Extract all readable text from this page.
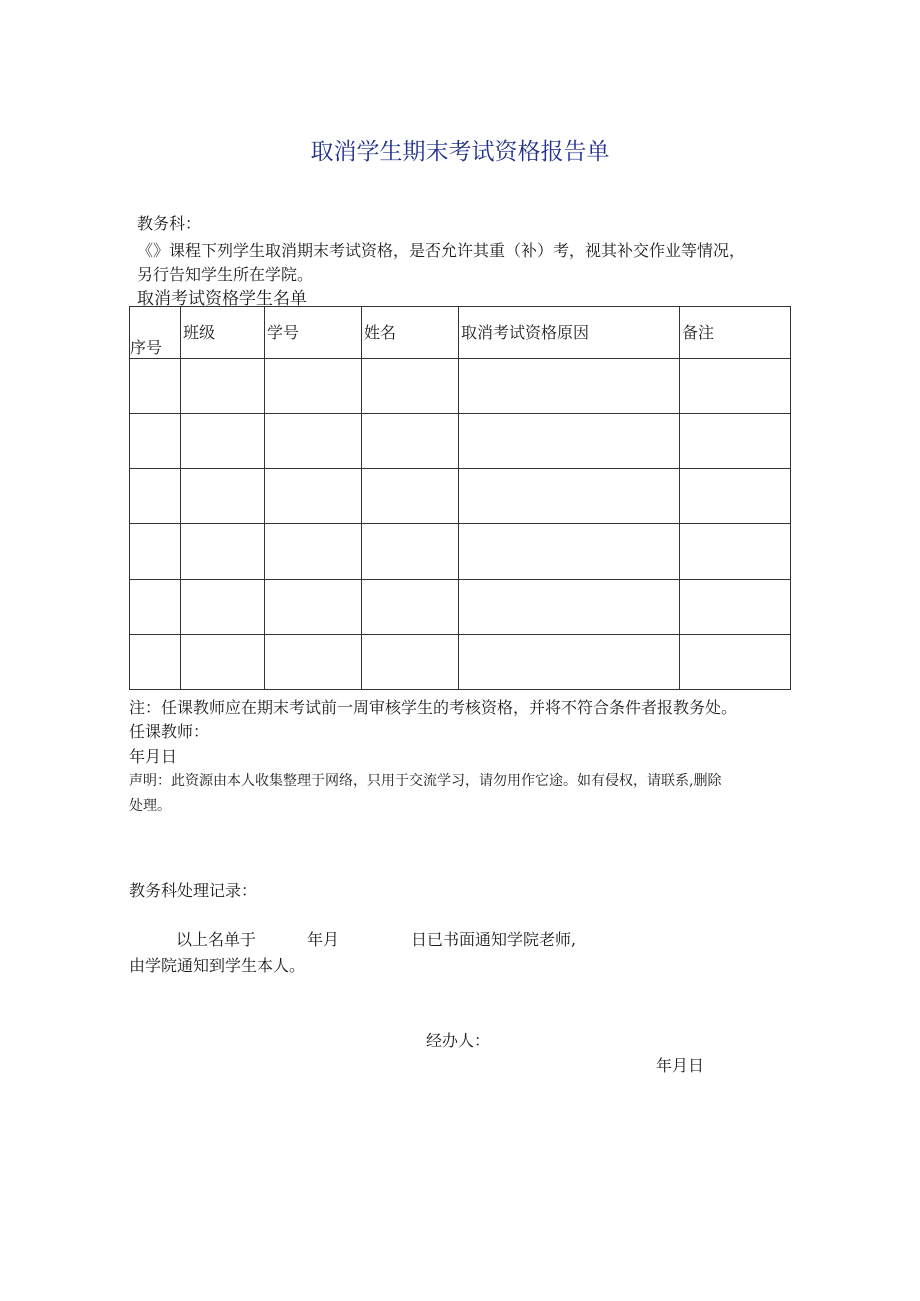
取消学生期末考试资格报告单
教务科：
《》课程下列学生取消期末考试资格，是否允许其重（补）考，视其补交作业等情况，
另行告知学生所在学院。
取消考试资格学生名单
序号	班级	学号	姓名	取消考试资格原因	备注

注：任课教师应在期末考试前一周审核学生的考核资格，并将不符合条件者报教务处。
任课教师：
年月日
声明：此资源由本人收集整理于网络，只用于交流学习，请勿用作它途。如有侵权，请联系,删除
处理。
教务科处理记录：
以上名单于	年月	日已书面通知学院老师,
由学院通知到学生本人。
经办人：
年月日
